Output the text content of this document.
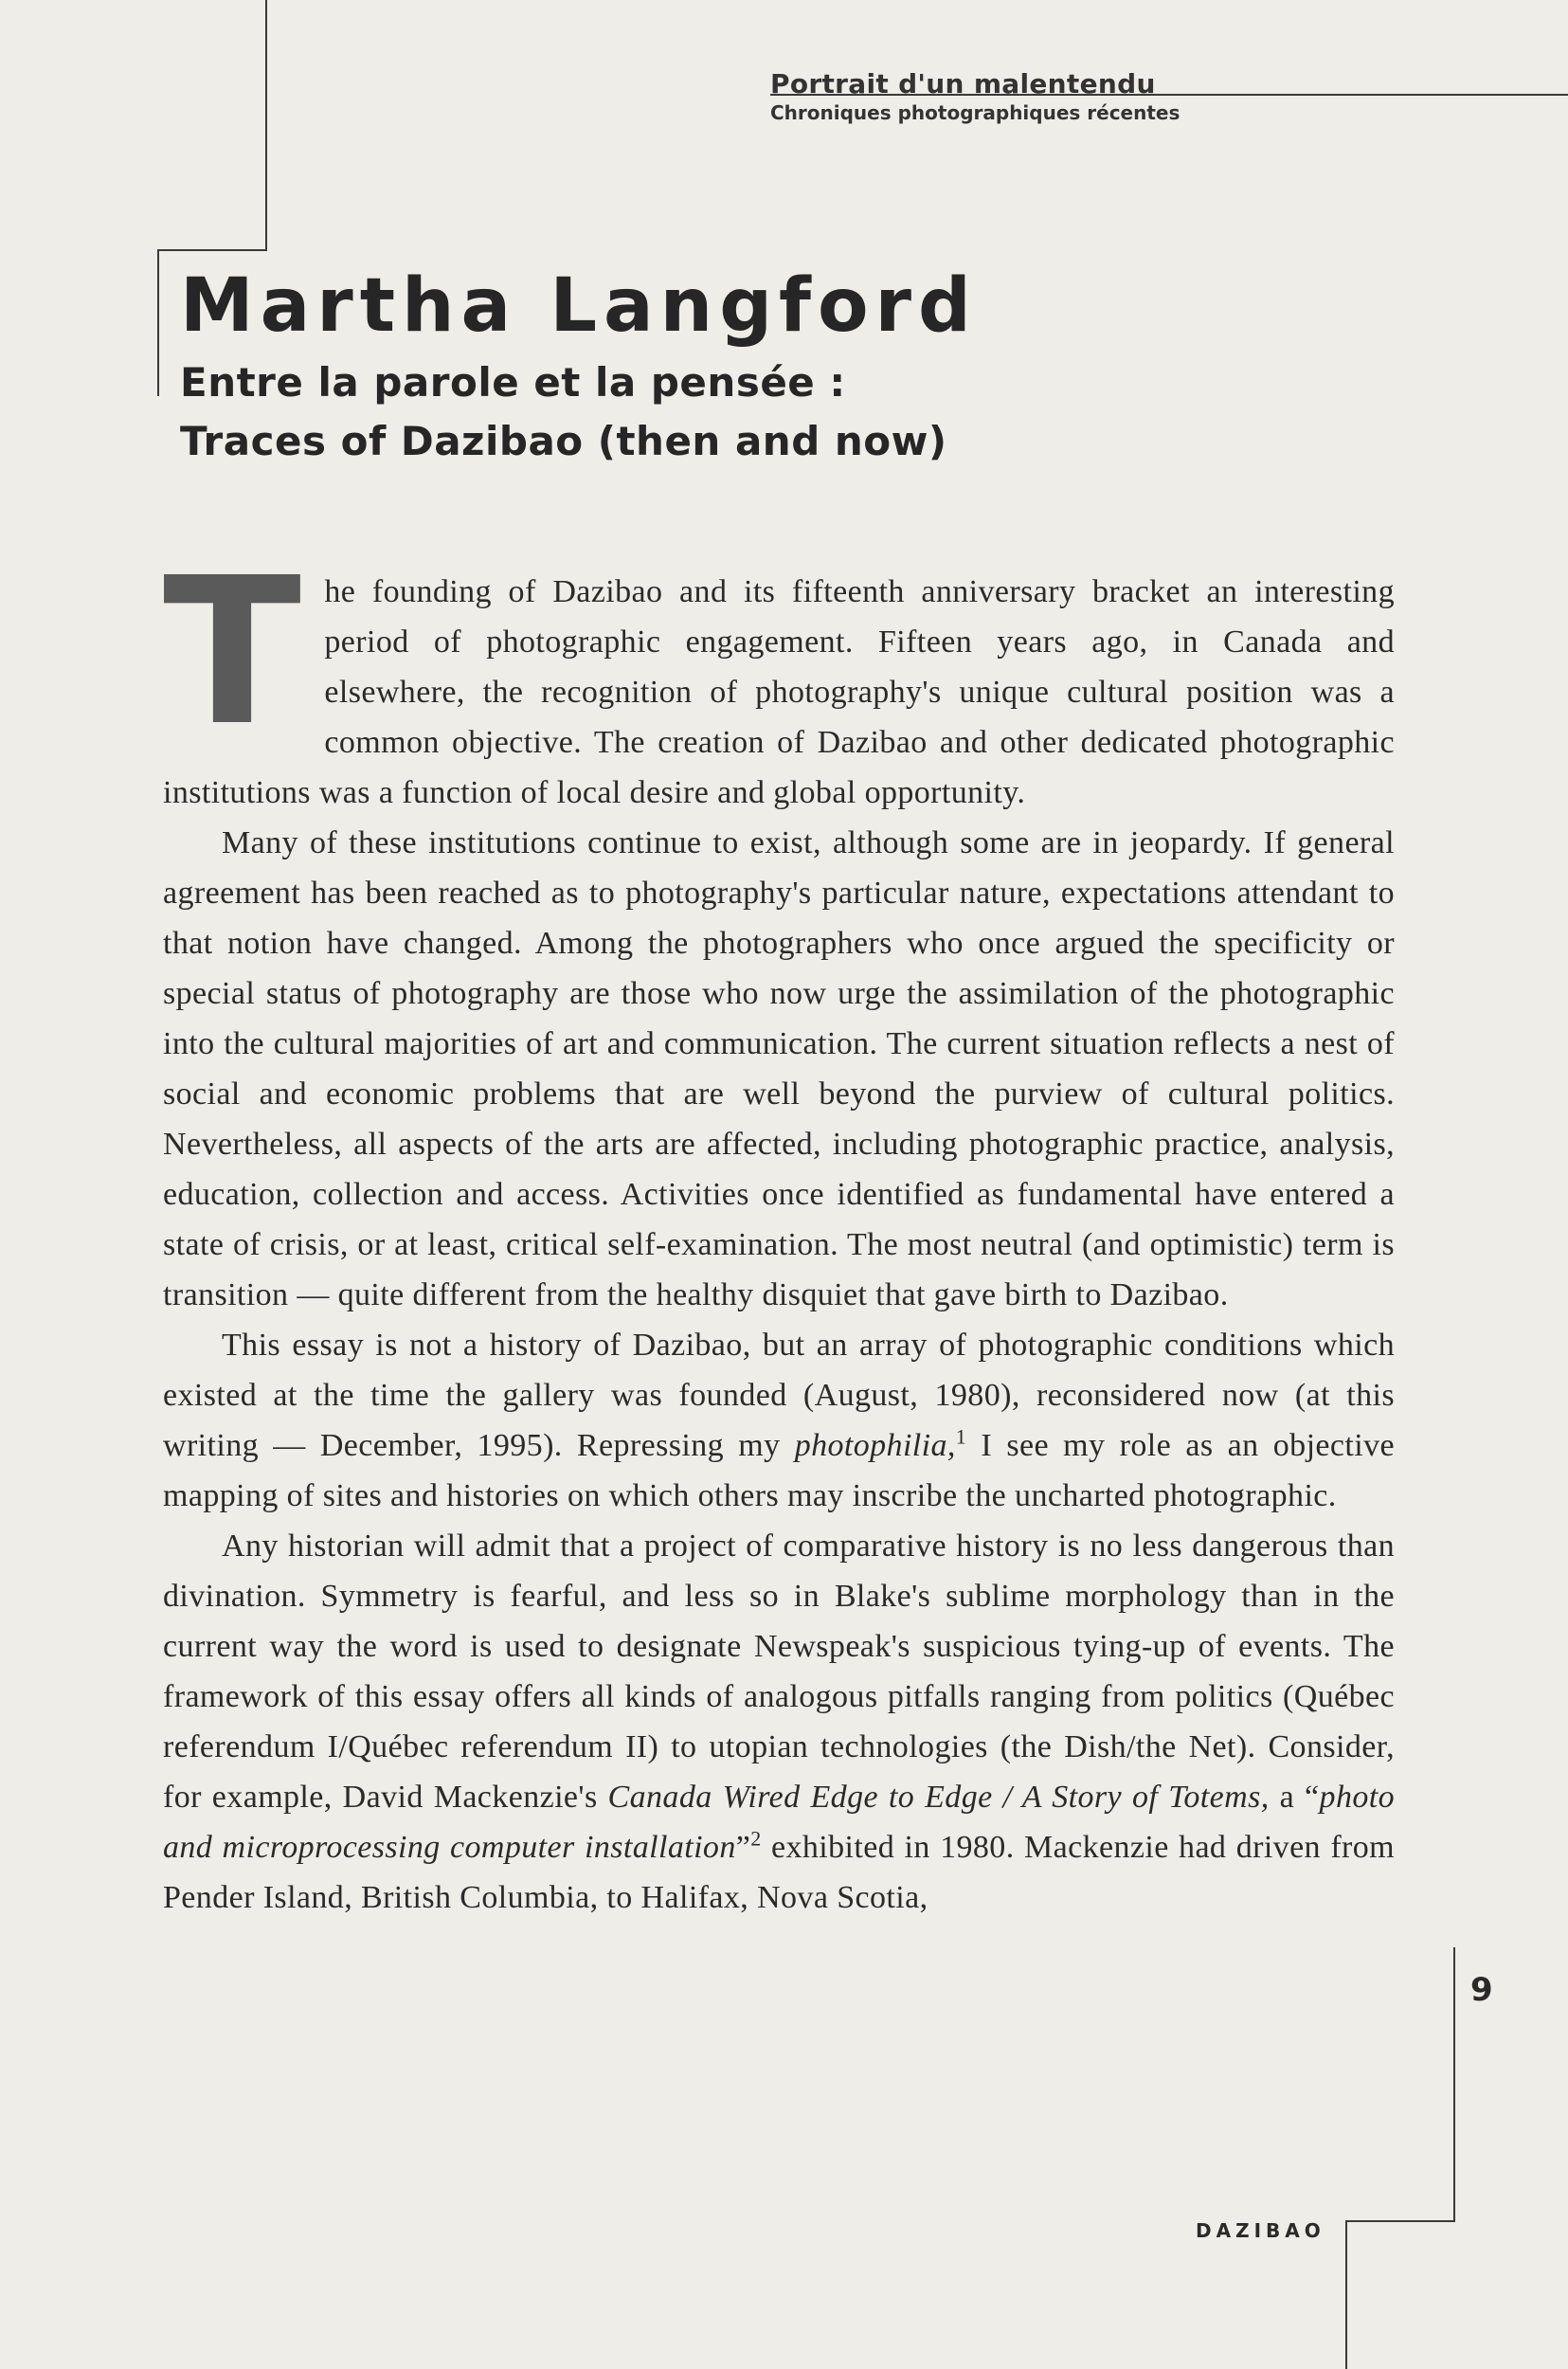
Portrait d'un malentendu
Chroniques photographiques récentes
Martha Langford
Entre la parole et la pensée :
Traces of Dazibao (then and now)

The founding of Dazibao and its fifteenth anniversary bracket an interesting period of photographic engagement. Fifteen years ago, in Canada and elsewhere, the recognition of photography's unique cultural position was a common objective. The creation of Dazibao and other dedicated photographic institutions was a function of local desire and global opportunity.

Many of these institutions continue to exist, although some are in jeopardy. If general agreement has been reached as to photography's particular nature, expectations attendant to that notion have changed. Among the photographers who once argued the specificity or special status of photography are those who now urge the assimilation of the photographic into the cultural majorities of art and communication. The current situation reflects a nest of social and economic problems that are well beyond the purview of cultural politics. Nevertheless, all aspects of the arts are affected, including photographic practice, analysis, education, collection and access. Activities once identified as fundamental have entered a state of crisis, or at least, critical self-examination. The most neutral (and optimistic) term is transition — quite different from the healthy disquiet that gave birth to Dazibao.

This essay is not a history of Dazibao, but an array of photographic conditions which existed at the time the gallery was founded (August, 1980), reconsidered now (at this writing — December, 1995). Repressing my photophilia,$^1$ I see my role as an objective mapping of sites and histories on which others may inscribe the uncharted photographic.

Any historian will admit that a project of comparative history is no less dangerous than divination. Symmetry is fearful, and less so in Blake's sublime morphology than in the current way the word is used to designate Newspeak's suspicious tying-up of events. The framework of this essay offers all kinds of analogous pitfalls ranging from politics (Québec referendum I/Québec referendum II) to utopian technologies (the Dish/the Net). Consider, for example, David Mackenzie's Canada Wired Edge to Edge / A Story of Totems, a “photo and microprocessing computer installation”$^2$ exhibited in 1980. Mackenzie had driven from Pender Island, British Columbia, to Halifax, Nova Scotia,

9
DAZIBAO
